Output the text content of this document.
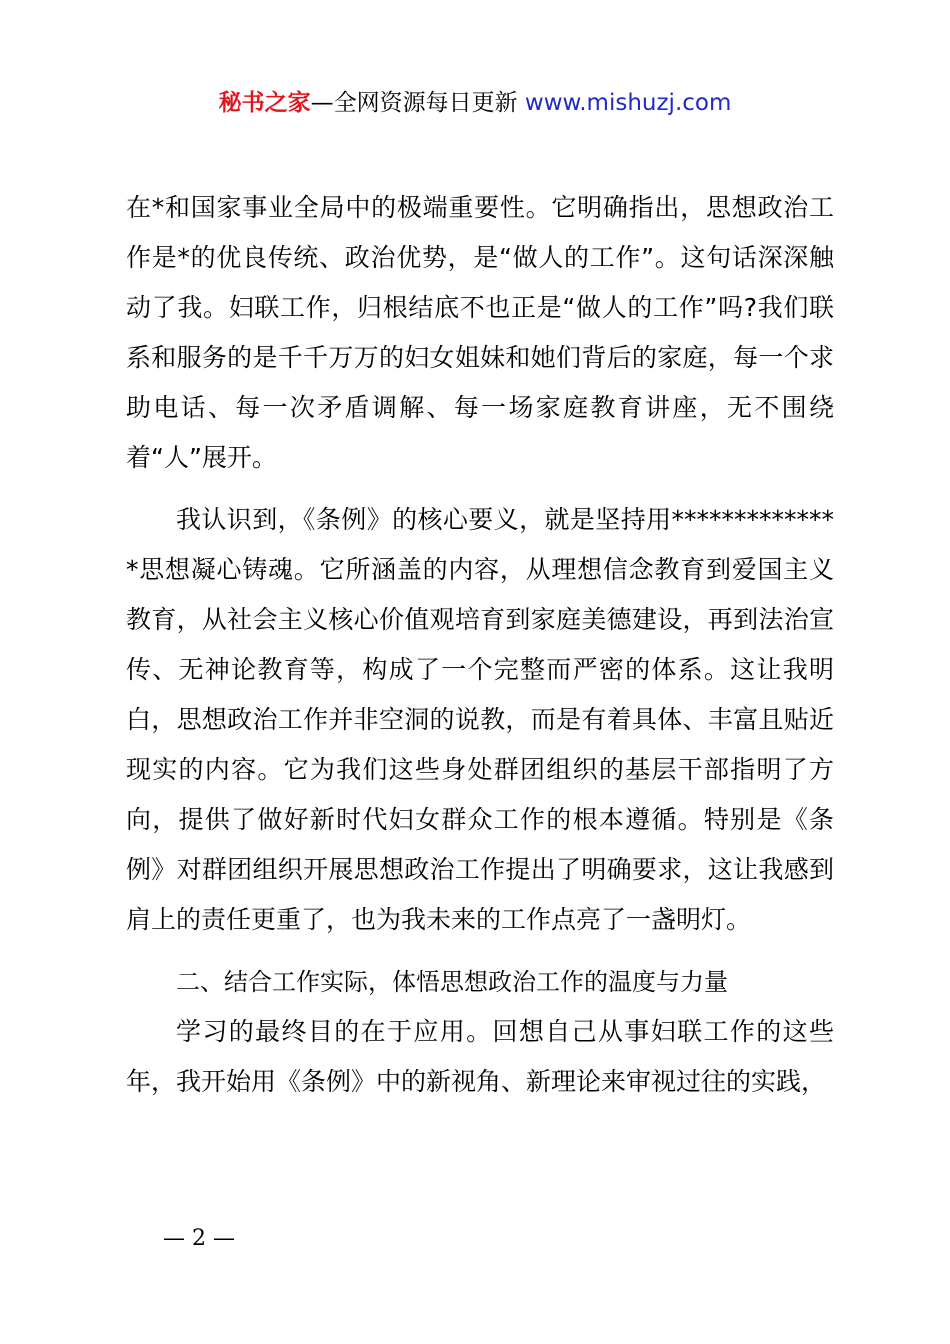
秘书之家—全网资源每日更新 www.mishuzj.com

在*和国家事业全局中的极端重要性。它明确指出，思想政治工作是*的优良传统、政治优势，是“做人的工作”。这句话深深触动了我。妇联工作，归根结底不也正是“做人的工作”吗?我们联系和服务的是千千万万的妇女姐妹和她们背后的家庭，每一个求助电话、每一次矛盾调解、每一场家庭教育讲座，无不围绕着“人”展开。

我认识到，《条例》的核心要义，就是坚持用**************思想凝心铸魂。它所涵盖的内容，从理想信念教育到爱国主义教育，从社会主义核心价值观培育到家庭美德建设，再到法治宣传、无神论教育等，构成了一个完整而严密的体系。这让我明白，思想政治工作并非空洞的说教，而是有着具体、丰富且贴近现实的内容。它为我们这些身处群团组织的基层干部指明了方向，提供了做好新时代妇女群众工作的根本遵循。特别是《条例》对群团组织开展思想政治工作提出了明确要求，这让我感到肩上的责任更重了，也为我未来的工作点亮了一盏明灯。

二、结合工作实际，体悟思想政治工作的温度与力量

学习的最终目的在于应用。回想自己从事妇联工作的这些年，我开始用《条例》中的新视角、新理论来审视过往的实践，

— 2 —
